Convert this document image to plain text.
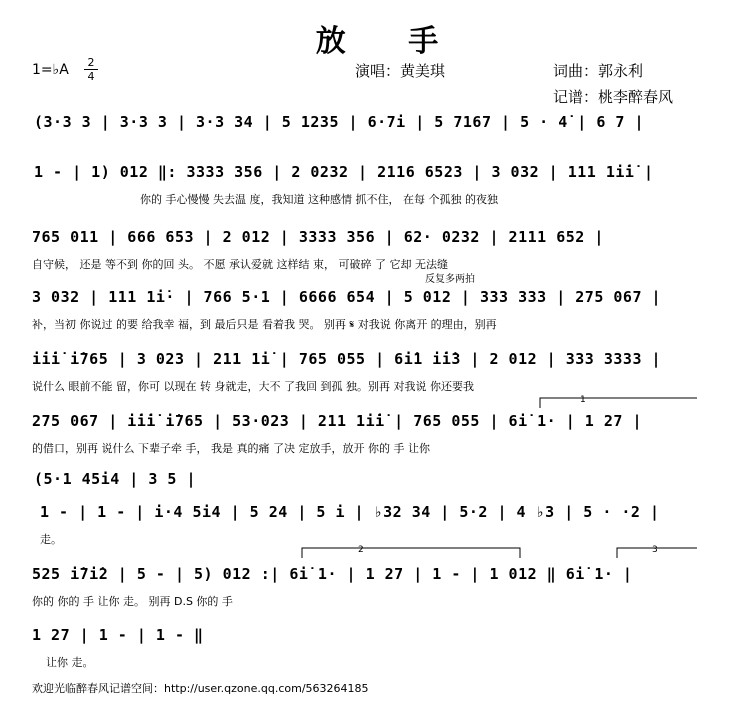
放 手
1=♭A	2
4	演唱：黄美琪	词曲：郭永利
记谱：桃李醉春风
(3·3 3 | 3·3 3 | 3·3 34 | 5 1235 | 6·7i | 5 7167 | 5 · 4̇ | 6 7 |
1 - | 1) 012 ‖: 3333 356 | 2 0232 | 2116 6523 | 3 032 | 111 1i̇i̇ |
你的 手心慢慢 失去温 度，我知道 这种感情 抓不住， 在每 个孤独 的夜独
765 011 | 666 653 | 2 012 | 3333 356 | 62· 0232 | 2111 652 |
自守候， 还是 等不到 你的回 头。 不愿 承认爱就 这样结 束， 可破碎 了 它却 无法缝
反复多两拍
3 032 | 111 1i̇· | 766 5·1 | 6666 654 | 5 012 | 333 333 | 275 067 |
补，当初 你说过 的要 给我幸 福，到 最后只是 看着我 哭。 别再 𝄋 对我说 你离开 的理由，别再
i̇i̇i̇ i̇765 | 3 023 | 211 1i̇ | 765 055 | 6i̇1 i̇i̇3 | 2 012 | 333 3333 |
说什么 眼前不能 留，你可 以现在 转 身就走，大不 了我回 到孤 独。别再 对我说 你还要我
275 067 | i̇i̇i̇ i̇765 | 53·023 | 211 1i̇i̇ | 765 055 | 6i̇ 1· | 1 27 |
的借口，别再 说什么 下辈子牵 手， 我是 真的痛 了决 定放手，放开 你的 手 让你
(5·1 45i4 | 3 5 |
1 - | 1 - | i·4 5i4 | 5 24 | 5 i | ♭32 34 | 5·2 | 4 ♭3 | 5 · ·2 |
走。
525 i̇7i̇2 | 5 - | 5) 012 :| 6i̇ 1· | 1 27 | 1 - | 1 012 ‖ 6i̇ 1· |
你的 你的 手 让你 走。 别再 D.S 你的 手
1 27 | 1 - | 1 - ‖
让你 走。
1
2	3
欢迎光临醉春风记谱空间：http://user.qzone.qq.com/563264185
